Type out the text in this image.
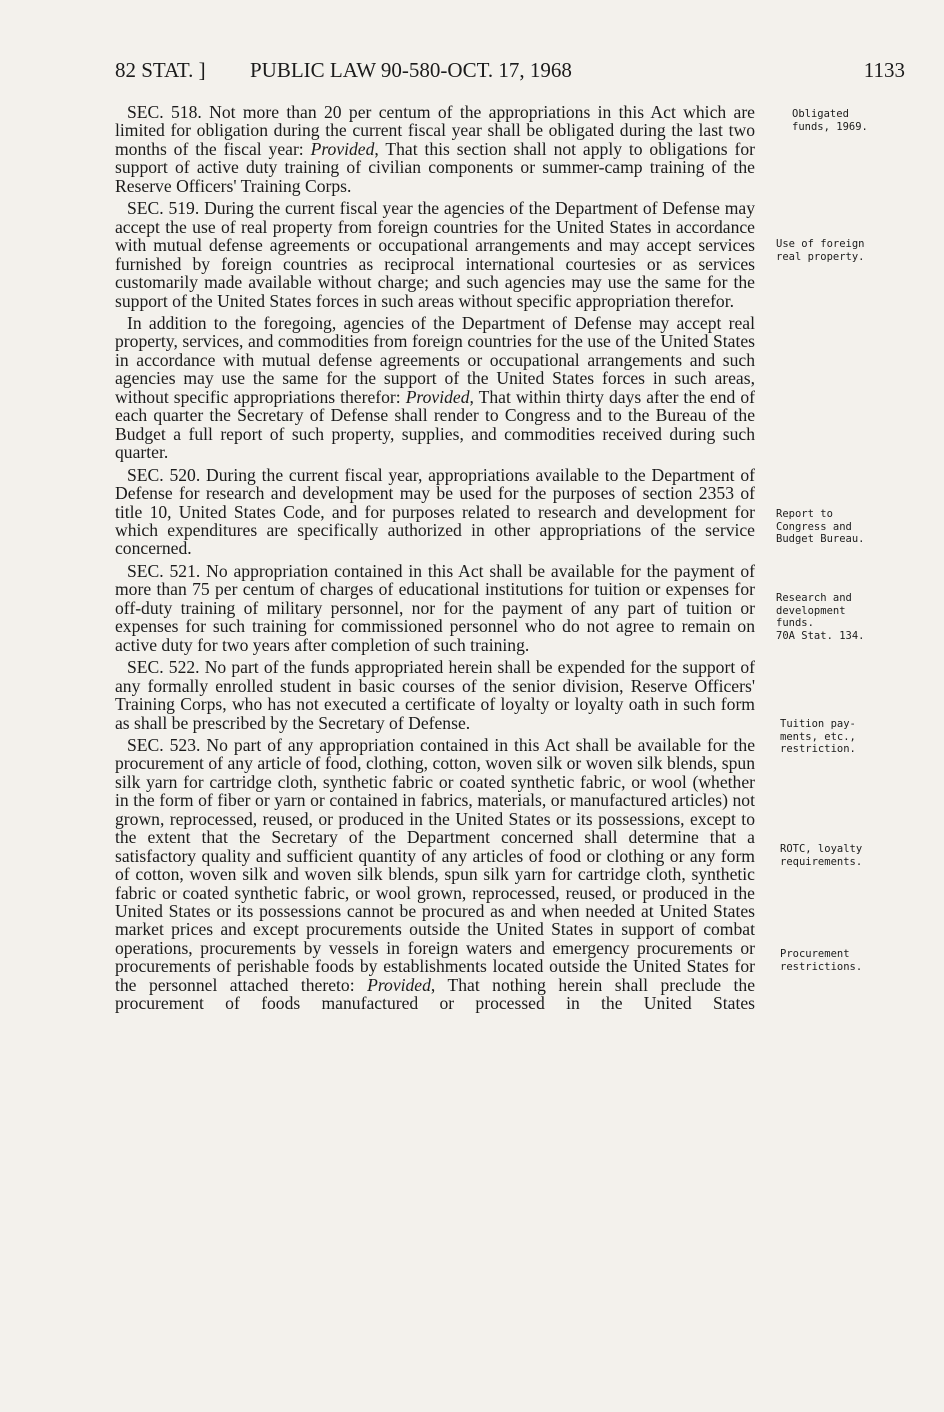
82 STAT. ] PUBLIC LAW 90-580-OCT. 17, 1968	1133

SEC. 518. Not more than 20 per centum of the appropriations in this Act which are limited for obligation during the current fiscal year shall be obligated during the last two months of the fiscal year: Provided, That this section shall not apply to obligations for support of active duty training of civilian components or summer-camp training of the Reserve Officers' Training Corps.

SEC. 519. During the current fiscal year the agencies of the Department of Defense may accept the use of real property from foreign countries for the United States in accordance with mutual defense agreements or occupational arrangements and may accept services furnished by foreign countries as reciprocal international courtesies or as services customarily made available without charge; and such agencies may use the same for the support of the United States forces in such areas without specific appropriation therefor.

In addition to the foregoing, agencies of the Department of Defense may accept real property, services, and commodities from foreign countries for the use of the United States in accordance with mutual defense agreements or occupational arrangements and such agencies may use the same for the support of the United States forces in such areas, without specific appropriations therefor: Provided, That within thirty days after the end of each quarter the Secretary of Defense shall render to Congress and to the Bureau of the Budget a full report of such property, supplies, and commodities received during such quarter.

SEC. 520. During the current fiscal year, appropriations available to the Department of Defense for research and development may be used for the purposes of section 2353 of title 10, United States Code, and for purposes related to research and development for which expenditures are specifically authorized in other appropriations of the service concerned.

SEC. 521. No appropriation contained in this Act shall be available for the payment of more than 75 per centum of charges of educational institutions for tuition or expenses for off-duty training of military personnel, nor for the payment of any part of tuition or expenses for such training for commissioned personnel who do not agree to remain on active duty for two years after completion of such training.

SEC. 522. No part of the funds appropriated herein shall be expended for the support of any formally enrolled student in basic courses of the senior division, Reserve Officers' Training Corps, who has not executed a certificate of loyalty or loyalty oath in such form as shall be prescribed by the Secretary of Defense.

SEC. 523. No part of any appropriation contained in this Act shall be available for the procurement of any article of food, clothing, cotton, woven silk or woven silk blends, spun silk yarn for cartridge cloth, synthetic fabric or coated synthetic fabric, or wool (whether in the form of fiber or yarn or contained in fabrics, materials, or manufactured articles) not grown, reprocessed, reused, or produced in the United States or its possessions, except to the extent that the Secretary of the Department concerned shall determine that a satisfactory quality and sufficient quantity of any articles of food or clothing or any form of cotton, woven silk and woven silk blends, spun silk yarn for cartridge cloth, synthetic fabric or coated synthetic fabric, or wool grown, reprocessed, reused, or produced in the United States or its possessions cannot be procured as and when needed at United States market prices and except procurements outside the United States in support of combat operations, procurements by vessels in foreign waters and emergency procurements or procurements of perishable foods by establishments located outside the United States for the personnel attached thereto: Provided, That nothing herein shall preclude the procurement of foods manufactured or processed in the United States

Obligated
funds, 1969.
Use of foreign
real property.
Report to
Congress and
Budget Bureau.
Research and
development
funds.
70A Stat. 134.
Tuition pay-
ments, etc.,
restriction.
ROTC, loyalty
requirements.
Procurement
restrictions.
